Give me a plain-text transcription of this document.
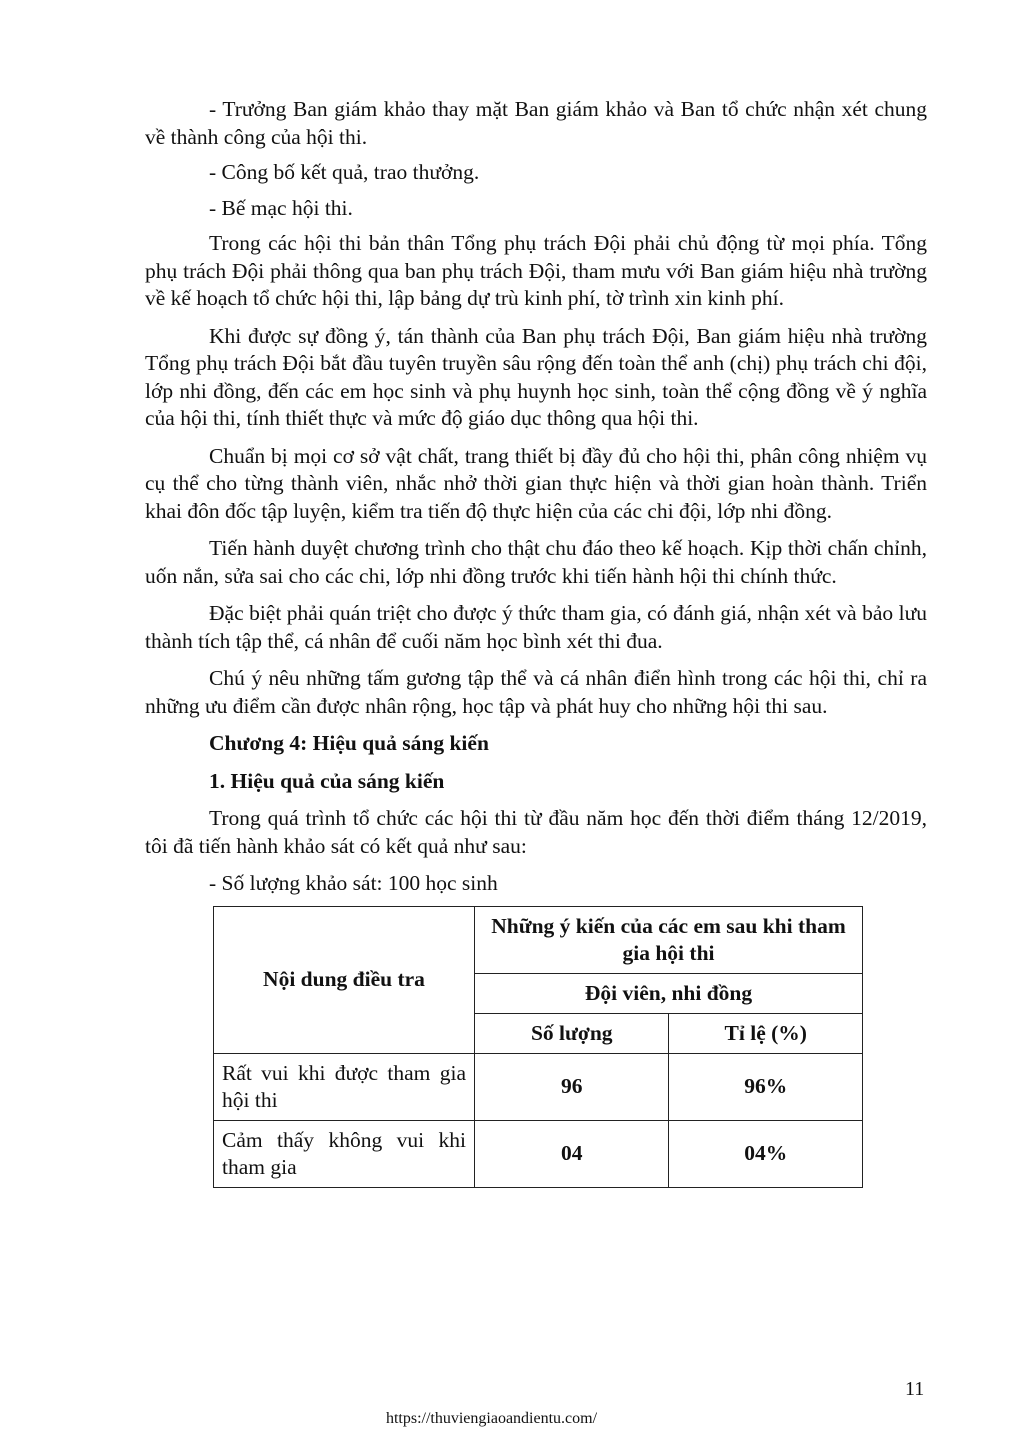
- Trưởng Ban giám khảo thay mặt Ban giám khảo và Ban tổ chức nhận xét chung về thành công của hội thi.

- Công bố kết quả, trao thưởng.

- Bế mạc hội thi.

Trong các hội thi bản thân Tổng phụ trách Đội phải chủ động từ mọi phía. Tổng phụ trách Đội phải thông qua ban phụ trách Đội, tham mưu với Ban giám hiệu nhà trường về kế hoạch tổ chức hội thi, lập bảng dự trù kinh phí, tờ trình xin kinh phí.

Khi được sự đồng ý, tán thành của Ban phụ trách Đội, Ban giám hiệu nhà trường Tổng phụ trách Đội bắt đầu tuyên truyền sâu rộng đến toàn thể anh (chị) phụ trách chi đội, lớp nhi đồng, đến các em học sinh và phụ huynh học sinh, toàn thể cộng đồng về ý nghĩa của hội thi, tính thiết thực và mức độ giáo dục thông qua hội thi.

Chuẩn bị mọi cơ sở vật chất, trang thiết bị đầy đủ cho hội thi, phân công nhiệm vụ cụ thể cho từng thành viên, nhắc nhở thời gian thực hiện và thời gian hoàn thành. Triển khai đôn đốc tập luyện, kiểm tra tiến độ thực hiện của các chi đội, lớp nhi đồng.

Tiến hành duyệt chương trình cho thật chu đáo theo kế hoạch. Kịp thời chấn chỉnh, uốn nắn, sửa sai cho các chi, lớp nhi đồng trước khi tiến hành hội thi chính thức.

Đặc biệt phải quán triệt cho được ý thức tham gia, có đánh giá, nhận xét và bảo lưu thành tích tập thể, cá nhân để cuối năm học bình xét thi đua.

Chú ý nêu những tấm gương tập thể và cá nhân điển hình trong các hội thi, chỉ ra những ưu điểm cần được nhân rộng, học tập và phát huy cho những hội thi sau.

Chương 4: Hiệu quả sáng kiến
1. Hiệu quả của sáng kiến

Trong quá trình tổ chức các hội thi từ đầu năm học đến thời điểm tháng 12/2019, tôi đã tiến hành khảo sát có kết quả như sau:

- Số lượng khảo sát: 100 học sinh

Nội dung điều tra	Những ý kiến của các em sau khi tham gia hội thi	
	Đội viên, nhi đồng	
	Số lượng	Tỉ lệ (%)
Rất vui khi được tham gia hội thi	96	96%
Cảm thấy không vui khi tham gia	04	04%
11
https://thuviengiaoandientu.com/
